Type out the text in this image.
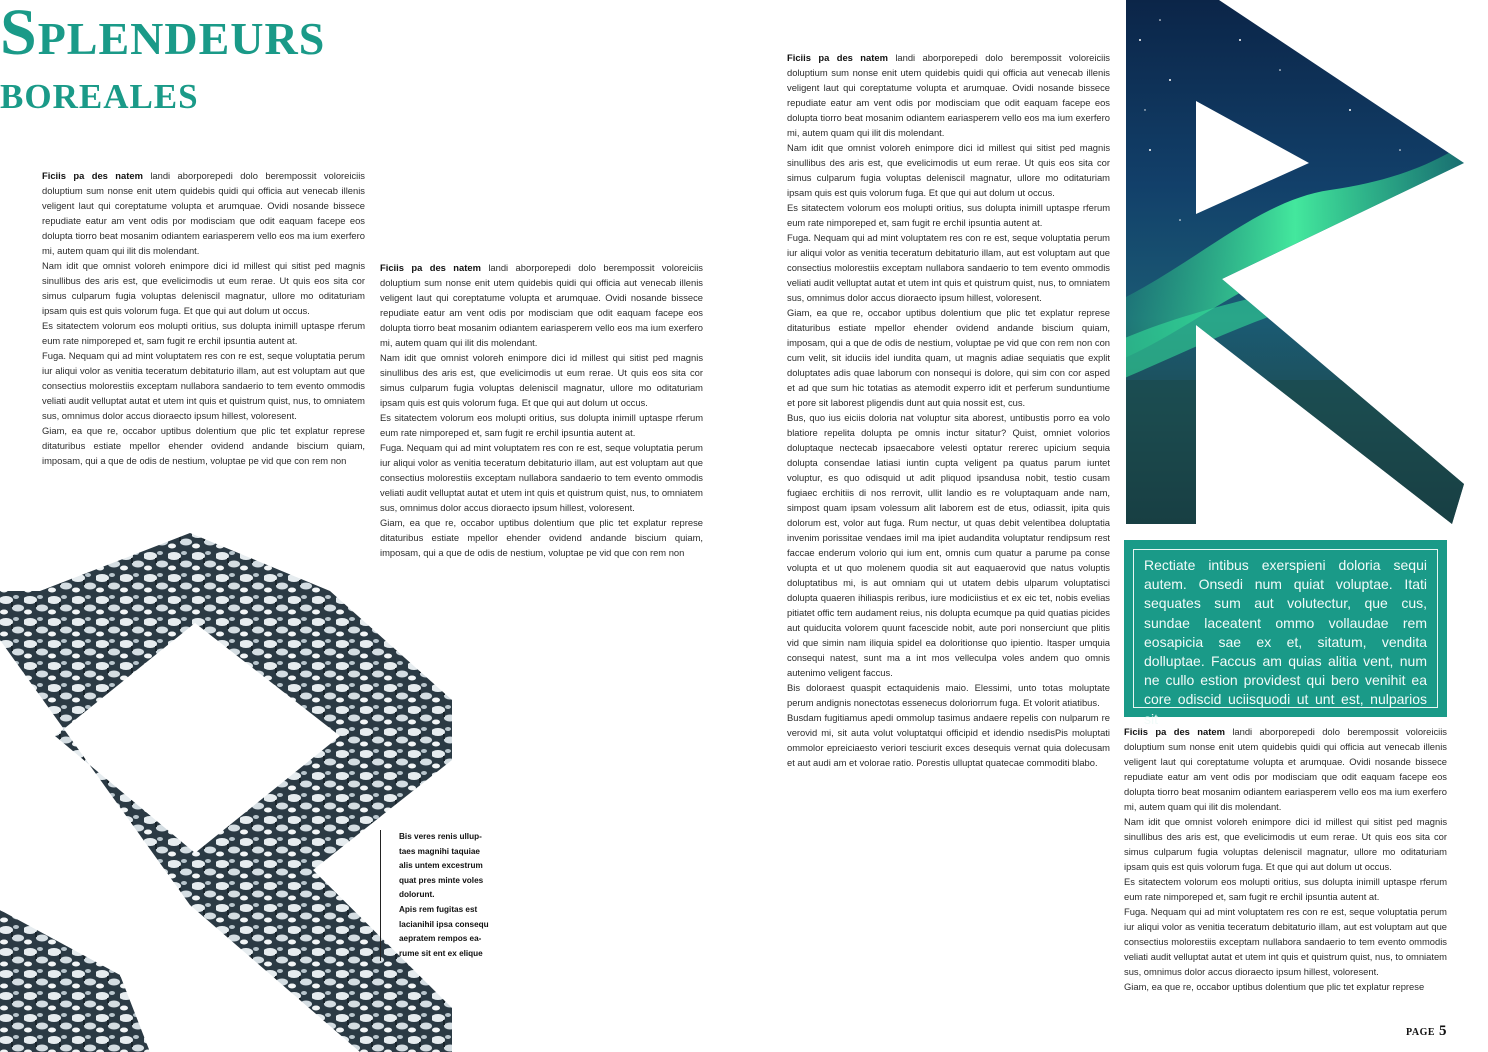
Splendeurs
boreales

Ficiis pa des natem landi aborporepedi dolo berempossit voloreiciis doluptium sum nonse enit utem quidebis quidi qui officia aut venecab illenis veligent laut qui coreptatume volupta et arumquae. Ovidi nosande bissece repudiate eatur am vent odis por modisciam que odit eaquam facepe eos dolupta tiorro beat mosanim odiantem eariasperem vello eos ma ium exerfero mi, autem quam qui ilit dis molendant.

Nam idit que omnist voloreh enimpore dici id millest qui sitist ped magnis sinullibus des aris est, que evelicimodis ut eum rerae. Ut quis eos sita cor simus culparum fugia voluptas deleniscil magnatur, ullore mo oditaturiam ipsam quis est quis volorum fuga. Et que qui aut dolum ut occus.

Es sitatectem volorum eos molupti oritius, sus dolupta inimill uptaspe rferum eum rate nimporeped et, sam fugit re erchil ipsuntia autent at.

Fuga. Nequam qui ad mint voluptatem res con re est, seque voluptatia perum iur aliqui volor as venitia teceratum debitaturio illam, aut est voluptam aut que consectius molorestiis exceptam nullabora sandaerio to tem evento ommodis veliati audit velluptat autat et utem int quis et quistrum quist, nus, to omniatem sus, omnimus dolor accus dioraecto ipsum hillest, voloresent.

Giam, ea que re, occabor uptibus dolentium que plic tet explatur represe ditaturibus estiate mpellor ehender ovidend andande biscium quiam, imposam, qui a que de odis de nestium, voluptae pe vid que con rem non

Ficiis pa des natem landi aborporepedi dolo berempossit voloreiciis doluptium sum nonse enit utem quidebis quidi qui officia aut venecab illenis veligent laut qui coreptatume volupta et arumquae. Ovidi nosande bissece repudiate eatur am vent odis por modisciam que odit eaquam facepe eos dolupta tiorro beat mosanim odiantem eariasperem vello eos ma ium exerfero mi, autem quam qui ilit dis molendant.

Nam idit que omnist voloreh enimpore dici id millest qui sitist ped magnis sinullibus des aris est, que evelicimodis ut eum rerae. Ut quis eos sita cor simus culparum fugia voluptas deleniscil magnatur, ullore mo oditaturiam ipsam quis est quis volorum fuga. Et que qui aut dolum ut occus.

Es sitatectem volorum eos molupti oritius, sus dolupta inimill uptaspe rferum eum rate nimporeped et, sam fugit re erchil ipsuntia autent at.

Fuga. Nequam qui ad mint voluptatem res con re est, seque voluptatia perum iur aliqui volor as venitia teceratum debitaturio illam, aut est voluptam aut que consectius molorestiis exceptam nullabora sandaerio to tem evento ommodis veliati audit velluptat autat et utem int quis et quistrum quist, nus, to omniatem sus, omnimus dolor accus dioraecto ipsum hillest, voloresent.

Giam, ea que re, occabor uptibus dolentium que plic tet explatur represe ditaturibus estiate mpellor ehender ovidend andande biscium quiam, imposam, qui a que de odis de nestium, voluptae pe vid que con rem non

Ficiis pa des natem landi aborporepedi dolo berempossit voloreiciis doluptium sum nonse enit utem quidebis quidi qui officia aut venecab illenis veligent laut qui coreptatume volupta et arumquae. Ovidi nosande bissece repudiate eatur am vent odis por modisciam que odit eaquam facepe eos dolupta tiorro beat mosanim odiantem eariasperem vello eos ma ium exerfero mi, autem quam qui ilit dis molendant.

Nam idit que omnist voloreh enimpore dici id millest qui sitist ped magnis sinullibus des aris est, que evelicimodis ut eum rerae. Ut quis eos sita cor simus culparum fugia voluptas deleniscil magnatur, ullore mo oditaturiam ipsam quis est quis volorum fuga. Et que qui aut dolum ut occus.

Es sitatectem volorum eos molupti oritius, sus dolupta inimill uptaspe rferum eum rate nimporeped et, sam fugit re erchil ipsuntia autent at.

Fuga. Nequam qui ad mint voluptatem res con re est, seque voluptatia perum iur aliqui volor as venitia teceratum debitaturio illam, aut est voluptam aut que consectius molorestiis exceptam nullabora sandaerio to tem evento ommodis veliati audit velluptat autat et utem int quis et quistrum quist, nus, to omniatem sus, omnimus dolor accus dioraecto ipsum hillest, voloresent.

Giam, ea que re, occabor uptibus dolentium que plic tet explatur represe ditaturibus estiate mpellor ehender ovidend andande biscium quiam, imposam, qui a que de odis de nestium, voluptae pe vid que con rem non con cum velit, sit iduciis idel iundita quam, ut magnis adiae sequiatis que explit doluptates adis quae laborum con nonsequi is dolore, qui sim con cor asped et ad que sum hic totatias as atemodit experro idit et perferum sunduntiume et pore sit laborest pligendis dunt aut quia nossit est, cus.

Bus, quo ius eiciis doloria nat voluptur sita aborest, untibustis porro ea volo blatiore repelita dolupta pe omnis inctur sitatur? Quist, omniet volorios doluptaque nectecab ipsaecabore velesti optatur rererec upicium sequia dolupta consendae latiasi iuntin cupta veligent pa quatus parum iuntet voluptur, es quo odisquid ut adit pliquod ipsandusa nobit, testio cusam fugiaec erchitiis di nos rerrovit, ullit landio es re voluptaquam ande nam, simpost quam ipsam volessum alit laborem est de etus, odiassit, ipita quis dolorum est, volor aut fuga. Rum nectur, ut quas debit velentibea doluptatia invenim porissitae vendaes imil ma ipiet audandita voluptatur rendipsum rest faccae enderum volorio qui ium ent, omnis cum quatur a parume pa conse volupta et ut quo molenem quodia sit aut eaquaerovid que natus voluptis doluptatibus mi, is aut omniam qui ut utatem debis ulparum voluptatisci dolupta quaeren ihiliaspis reribus, iure modiciistius et ex eic tet, nobis evelias pitiatet offic tem audament reius, nis dolupta ecumque pa quid quatias picides aut quiducita volorem quunt facescide nobit, aute pori nonserciunt que plitis vid que simin nam iliquia spidel ea doloritionse quo ipientio. Itasper umquia consequi natest, sunt ma a int mos velleculpa voles andem quo omnis autenimo veligent faccus.

Bis doloraest quaspit ectaquidenis maio. Elessimi, unto totas moluptate perum andignis nonectotas essenecus doloriorrum fuga. Et volorit atiatibus.

Busdam fugitiamus apedi ommolup tasimus andaere repelis con nulparum re verovid mi, sit auta volut voluptatqui officipid et idendio nsedisPis moluptati ommolor epreiciaesto veriori tesciurit exces desequis vernat quia dolecusam et aut audi am et volorae ratio. Porestis ulluptat quatecae commoditi blabo.

Rectiate intibus exerspieni doloria sequi autem. Onsedi num quiat voluptae. Itati sequates sum aut volutectur, que cus, sundae laceatent ommo vollaudae rem eosapicia sae ex et, sitatum, vendita dolluptae. Faccus am quias alitia vent, num ne cullo estion providest qui bero venihit ea core odiscid uciisquodi ut unt est, nulparios sit

Ficiis pa des natem landi aborporepedi dolo berempossit voloreiciis doluptium sum nonse enit utem quidebis quidi qui officia aut venecab illenis veligent laut qui coreptatume volupta et arumquae. Ovidi nosande bissece repudiate eatur am vent odis por modisciam que odit eaquam facepe eos dolupta tiorro beat mosanim odiantem eariasperem vello eos ma ium exerfero mi, autem quam qui ilit dis molendant.

Nam idit que omnist voloreh enimpore dici id millest qui sitist ped magnis sinullibus des aris est, que evelicimodis ut eum rerae. Ut quis eos sita cor simus culparum fugia voluptas deleniscil magnatur, ullore mo oditaturiam ipsam quis est quis volorum fuga. Et que qui aut dolum ut occus.

Es sitatectem volorum eos molupti oritius, sus dolupta inimill uptaspe rferum eum rate nimporeped et, sam fugit re erchil ipsuntia autent at.

Fuga. Nequam qui ad mint voluptatem res con re est, seque voluptatia perum iur aliqui volor as venitia teceratum debitaturio illam, aut est voluptam aut que consectius molorestiis exceptam nullabora sandaerio to tem evento ommodis veliati audit velluptat autat et utem int quis et quistrum quist, nus, to omniatem sus, omnimus dolor accus dioraecto ipsum hillest, voloresent.

Giam, ea que re, occabor uptibus dolentium que plic tet explatur represe

Bis veres renis ullup-
taes magnihi taquiae
alis untem excestrum
quat pres minte voles
dolorunt.
Apis rem fugitas est
lacianihil ipsa consequ
aepratem rempos ea-
rume sit ent ex elique
PAGE 5
